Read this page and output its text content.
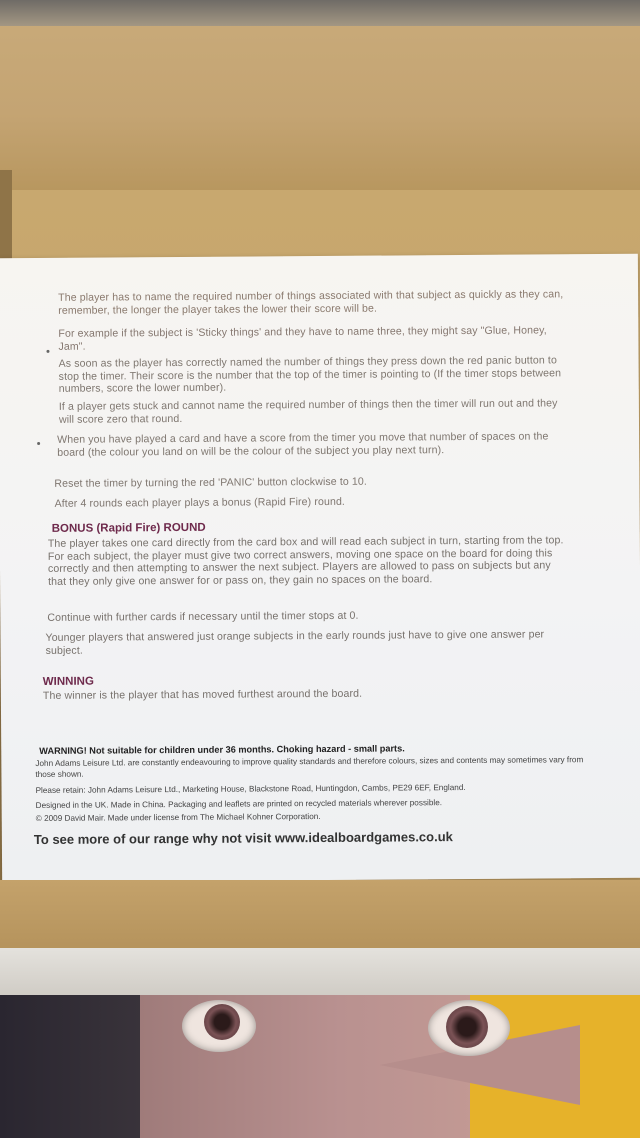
The player has to name the required number of things associated with that subject as quickly as they can, remember, the longer the player takes the lower their score will be.

For example if the subject is 'Sticky things' and they have to name three, they might say "Glue, Honey, Jam".

As soon as the player has correctly named the number of things they press down the red panic button to stop the timer. Their score is the number that the top of the timer is pointing to (If the timer stops between numbers, score the lower number).

If a player gets stuck and cannot name the required number of things then the timer will run out and they will score zero that round.

When you have played a card and have a score from the timer you move that number of spaces on the board (the colour you land on will be the colour of the subject you play next turn).

Reset the timer by turning the red 'PANIC' button clockwise to 10.

After 4 rounds each player plays a bonus (Rapid Fire) round.

BONUS (Rapid Fire) ROUND

The player takes one card directly from the card box and will read each subject in turn, starting from the top. For each subject, the player must give two correct answers, moving one space on the board for doing this correctly and then attempting to answer the next subject. Players are allowed to pass on subjects but any that they only give one answer for or pass on, they gain no spaces on the board.

Continue with further cards if necessary until the timer stops at 0.

Younger players that answered just orange subjects in the early rounds just have to give one answer per subject.

WINNING

The winner is the player that has moved furthest around the board.

WARNING! Not suitable for children under 36 months. Choking hazard - small parts.

John Adams Leisure Ltd. are constantly endeavouring to improve quality standards and therefore colours, sizes and contents may sometimes vary from those shown.

Please retain: John Adams Leisure Ltd., Marketing House, Blackstone Road, Huntingdon, Cambs, PE29 6EF, England.

Designed in the UK. Made in China. Packaging and leaflets are printed on recycled materials wherever possible.

© 2009 David Mair. Made under license from The Michael Kohner Corporation.

To see more of our range why not visit www.idealboardgames.co.uk
